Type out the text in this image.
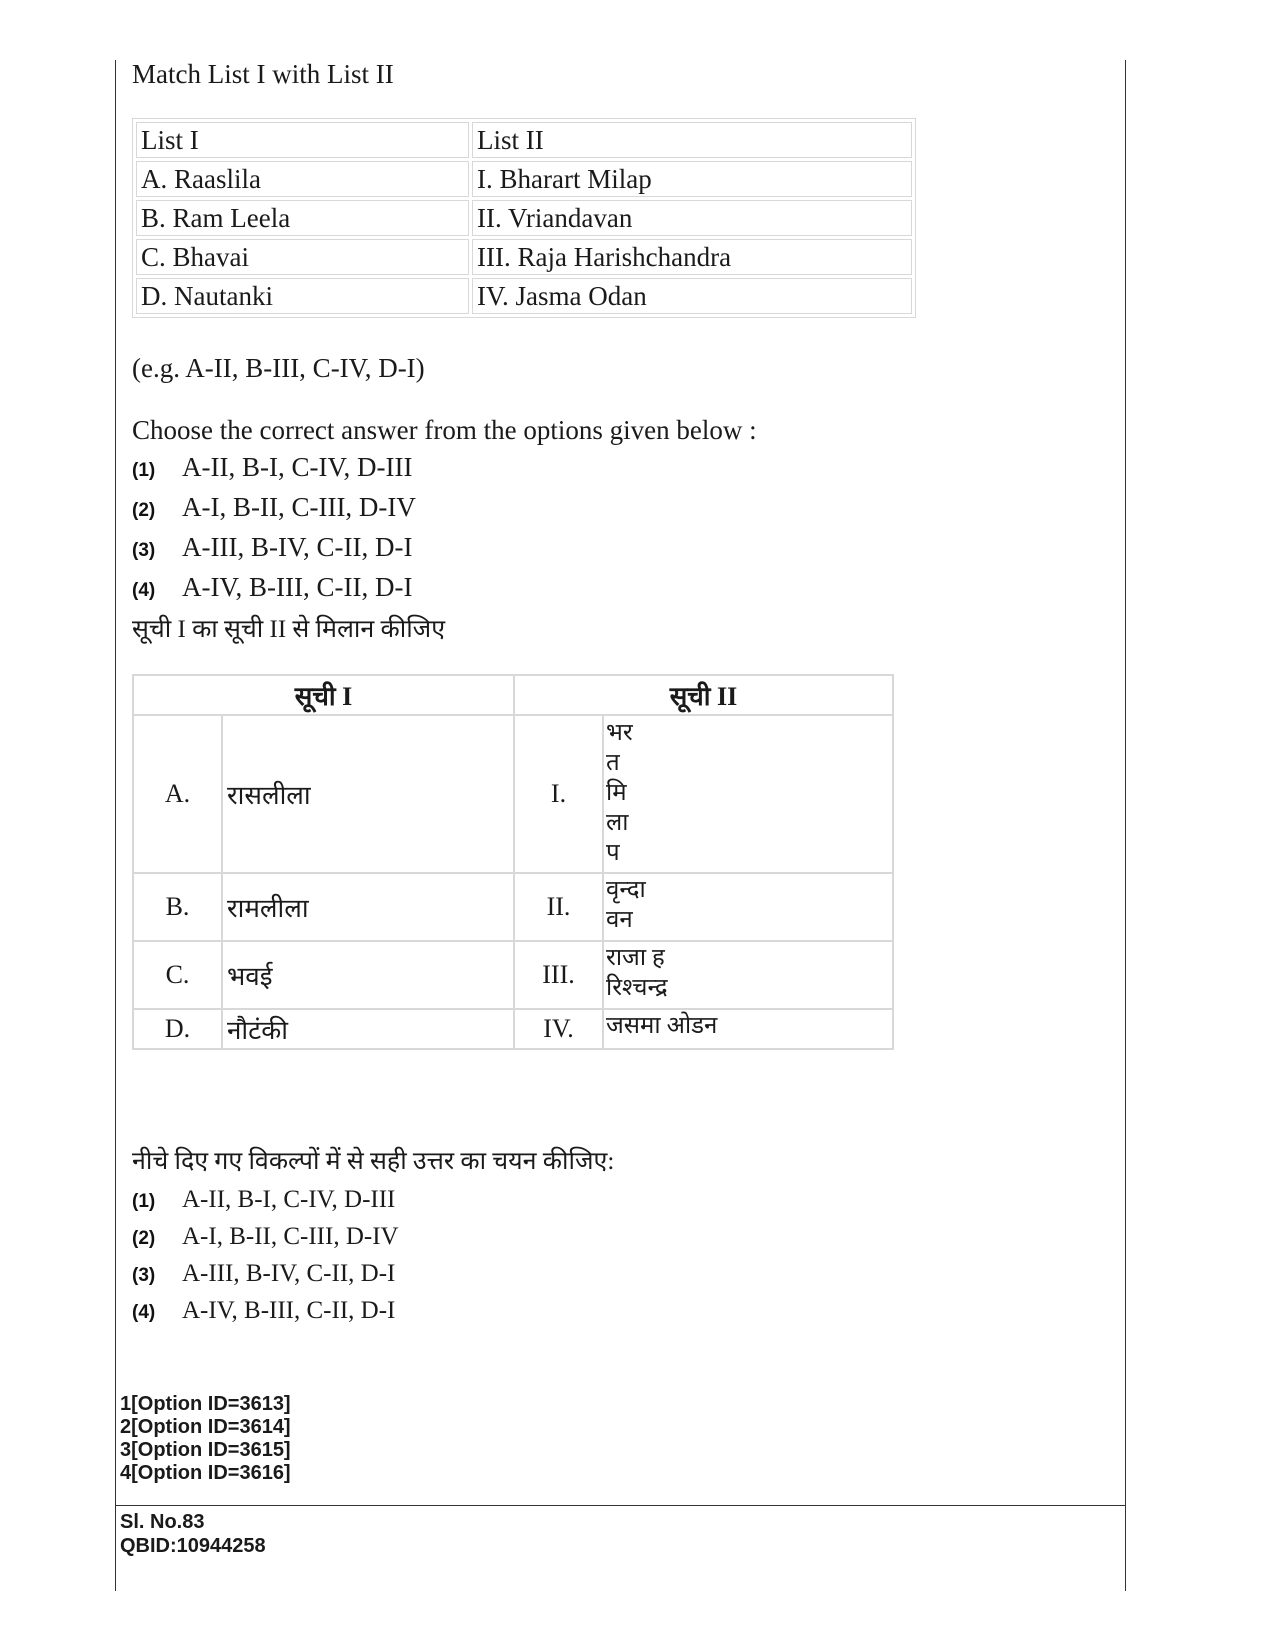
Match List I with List II

List I	List II
A. Raaslila	I. Bharart Milap
B. Ram Leela	II. Vriandavan
C. Bhavai	III. Raja Harishchandra
D. Nautanki	IV. Jasma Odan

(e.g. A-II, B-III, C-IV, D-I)

Choose the correct answer from the options given below :

(1) A-II, B-I, C-IV, D-III
(2) A-I, B-II, C-III, D-IV
(3) A-III, B-IV, C-II, D-I
(4) A-IV, B-III, C-II, D-I

सूची I का सूची II से मिलान कीजिए

सूची I		सूची II	
A.	रासलीला	I.	भर
त
मि
ला
प
B.	रामलीला	II.	वृन्दा
वन
C.	भवई	III.	राजा ह
रिश्चन्द्र
D.	नौटंकी	IV.	जसमा ओडन

नीचे दिए गए विकल्पों में से सही उत्तर का चयन कीजिए:

(1)	A-II, B-I, C-IV, D-III
(2)	A-I, B-II, C-III, D-IV
(3)	A-III, B-IV, C-II, D-I
(4)	A-IV, B-III, C-II, D-I
1[Option ID=3613]
2[Option ID=3614]
3[Option ID=3615]
4[Option ID=3616]
Sl. No.83
QBID:10944258
